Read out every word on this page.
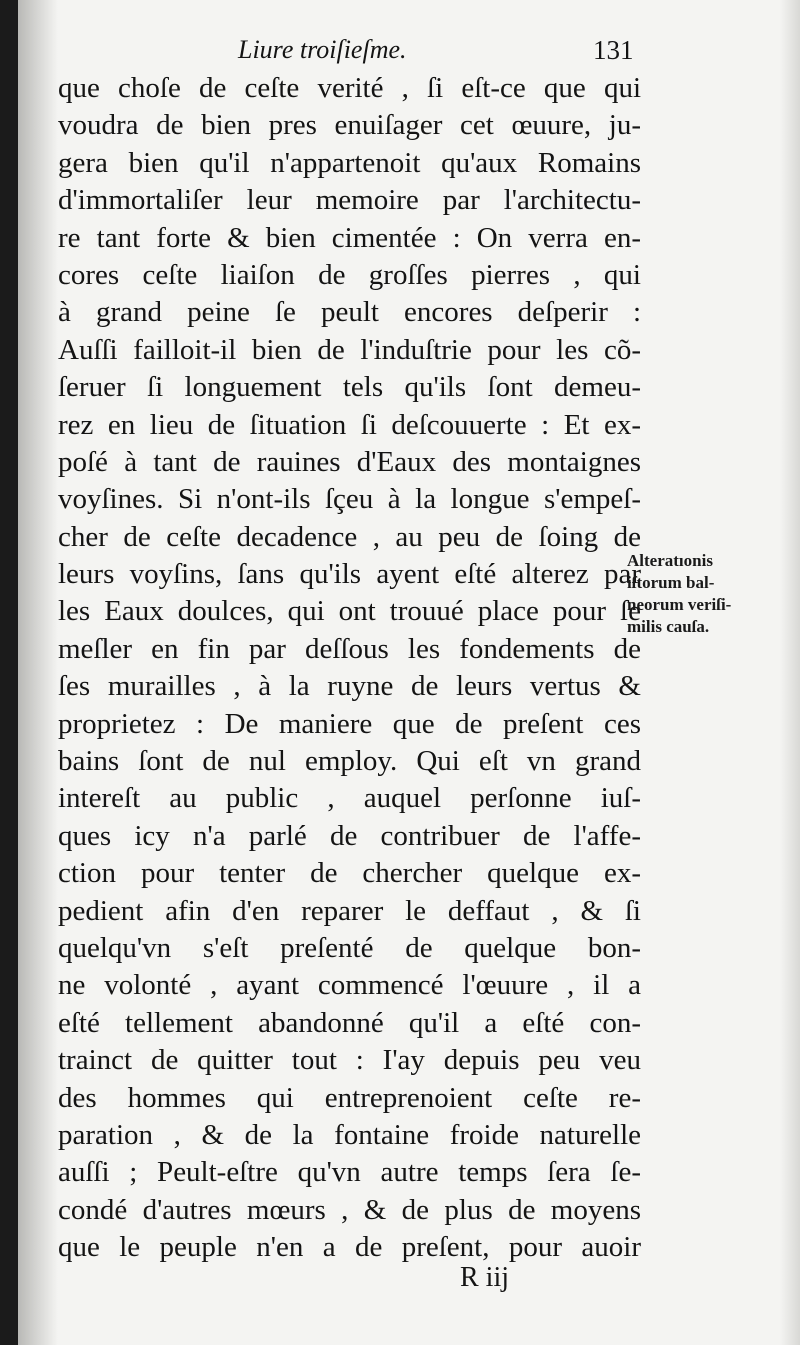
Liure troiſieſme.	131
que choſe de ceſte verité , ſi eſt-ce que qui
voudra de bien pres enuiſager cet œuure, ju-
gera bien qu'il n'appartenoit qu'aux Romains
d'immortaliſer leur memoire par l'architectu-
re tant forte & bien cimentée : On verra en-
cores ceſte liaiſon de groſſes pierres , qui
à grand peine ſe peult encores deſperir :
Auſſi failloit-il bien de l'induſtrie pour les cõ-
ſeruer ſi longuement tels qu'ils ſont demeu-
rez en lieu de ſituation ſi deſcouuerte : Et ex-
poſé à tant de rauines d'Eaux des montaignes
voyſines. Si n'ont-ils ſçeu à la longue s'empeſ-
cher de ceſte decadence , au peu de ſoing de
leurs voyſins, ſans qu'ils ayent eſté alterez par
les Eaux doulces, qui ont trouué place pour ſe
meſler en fin par deſſous les fondements de
ſes murailles , à la ruyne de leurs vertus &
proprietez : De maniere que de preſent ces
bains ſont de nul employ. Qui eſt vn grand
intereſt au public , auquel perſonne iuſ-
ques icy n'a parlé de contribuer de l'affe-
ction pour tenter de chercher quelque ex-
pedient afin d'en reparer le deffaut , & ſi
quelqu'vn s'eſt preſenté de quelque bon-
ne volonté , ayant commencé l'œuure , il a
eſté tellement abandonné qu'il a eſté con-
trainct de quitter tout : I'ay depuis peu veu
des hommes qui entreprenoient ceſte re-
paration , & de la fontaine froide naturelle
auſſi ; Peult-eſtre qu'vn autre temps ſera ſe-
condé d'autres mœurs , & de plus de moyens
que le peuple n'en a de preſent, pour auoir
Alteratıonis
iſtorum bal-
neorum veriſi-
milis cauſa.
R iij
